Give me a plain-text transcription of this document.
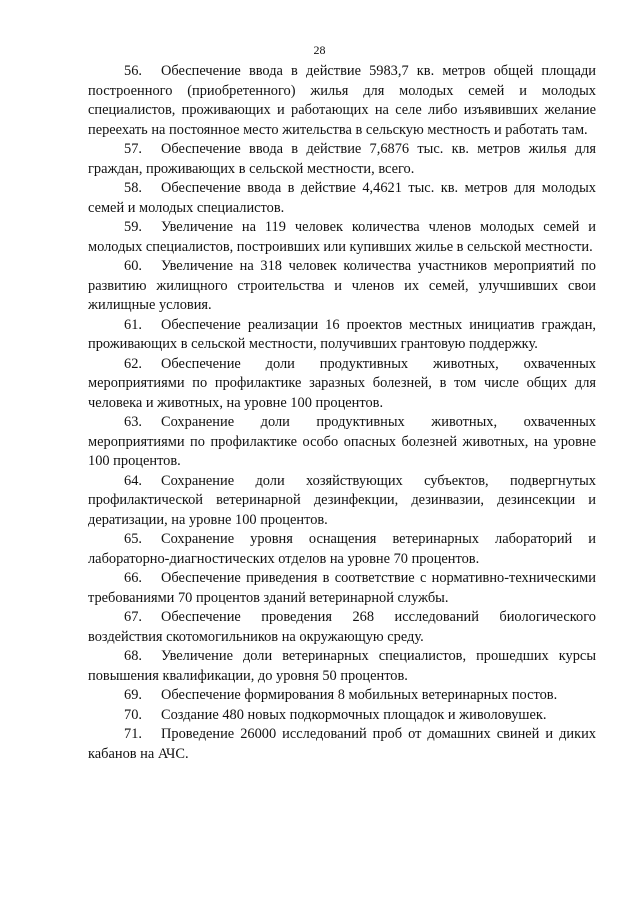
28

56. Обеспечение ввода в действие 5983,7 кв. метров общей площади построенного (приобретенного) жилья для молодых семей и молодых специалистов, проживающих и работающих на селе либо изъявивших желание переехать на постоянное место жительства в сельскую местность и работать там.

57. Обеспечение ввода в действие 7,6876 тыс. кв. метров жилья для граждан, проживающих в сельской местности, всего.

58. Обеспечение ввода в действие 4,4621 тыс. кв. метров для молодых семей и молодых специалистов.

59. Увеличение на 119 человек количества членов молодых семей и молодых специалистов, построивших или купивших жилье в сельской местности.

60. Увеличение на 318 человек количества участников мероприятий по развитию жилищного строительства и членов их семей, улучшивших свои жилищные условия.

61. Обеспечение реализации 16 проектов местных инициатив граждан, проживающих в сельской местности, получивших грантовую поддержку.

62. Обеспечение доли продуктивных животных, охваченных мероприятиями по профилактике заразных болезней, в том числе общих для человека и животных, на уровне 100 процентов.

63. Сохранение доли продуктивных животных, охваченных мероприятиями по профилактике особо опасных болезней животных, на уровне 100 процентов.

64. Сохранение доли хозяйствующих субъектов, подвергнутых профилактической ветеринарной дезинфекции, дезинвазии, дезинсекции и дератизации, на уровне 100 процентов.

65. Сохранение уровня оснащения ветеринарных лабораторий и лабораторно-диагностических отделов на уровне 70 процентов.

66. Обеспечение приведения в соответствие с нормативно-техническими требованиями 70 процентов зданий ветеринарной службы.

67. Обеспечение проведения 268 исследований биологического воздействия скотомогильников на окружающую среду.

68. Увеличение доли ветеринарных специалистов, прошедших курсы повышения квалификации, до уровня 50 процентов.

69. Обеспечение формирования 8 мобильных ветеринарных постов.

70. Создание 480 новых подкормочных площадок и живоловушек.

71. Проведение 26000 исследований проб от домашних свиней и диких кабанов на АЧС.
